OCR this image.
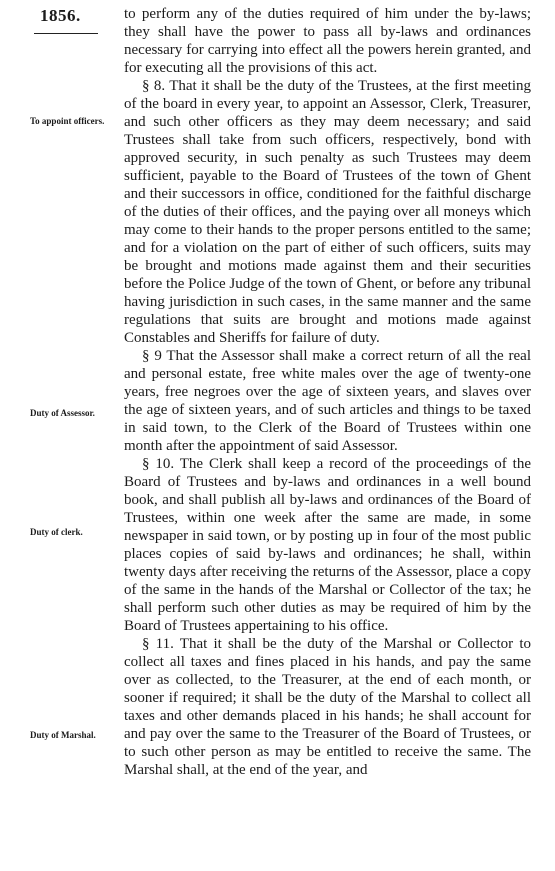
1856.
To appoint officers.
Duty of Assessor.
Duty of clerk.
Duty of Marshal.

to perform any of the duties required of him under the by-laws; they shall have the power to pass all by-laws and ordinances necessary for carrying into effect all the powers herein granted, and for executing all the provisions of this act.

§ 8. That it shall be the duty of the Trustees, at the first meeting of the board in every year, to appoint an Assessor, Clerk, Treasurer, and such other officers as they may deem necessary; and said Trustees shall take from such officers, respectively, bond with approved security, in such penalty as such Trustees may deem sufficient, payable to the Board of Trustees of the town of Ghent and their successors in office, conditioned for the faithful discharge of the duties of their offices, and the paying over all moneys which may come to their hands to the proper persons entitled to the same; and for a violation on the part of either of such officers, suits may be brought and motions made against them and their securities before the Police Judge of the town of Ghent, or before any tribunal having jurisdiction in such cases, in the same manner and the same regulations that suits are brought and motions made against Constables and Sheriffs for failure of duty.

§ 9 That the Assessor shall make a correct return of all the real and personal estate, free white males over the age of twenty-one years, free negroes over the age of sixteen years, and slaves over the age of sixteen years, and of such articles and things to be taxed in said town, to the Clerk of the Board of Trustees within one month after the appointment of said Assessor.

§ 10. The Clerk shall keep a record of the proceedings of the Board of Trustees and by-laws and ordinances in a well bound book, and shall publish all by-laws and ordinances of the Board of Trustees, within one week after the same are made, in some newspaper in said town, or by posting up in four of the most public places copies of said by-laws and ordinances; he shall, within twenty days after receiving the returns of the Assessor, place a copy of the same in the hands of the Marshal or Collector of the tax; he shall perform such other duties as may be required of him by the Board of Trustees appertaining to his office.

§ 11. That it shall be the duty of the Marshal or Collector to collect all taxes and fines placed in his hands, and pay the same over as collected, to the Treasurer, at the end of each month, or sooner if required; it shall be the duty of the Marshal to collect all taxes and other demands placed in his hands; he shall account for and pay over the same to the Treasurer of the Board of Trustees, or to such other person as may be entitled to receive the same. The Marshal shall, at the end of the year, and
